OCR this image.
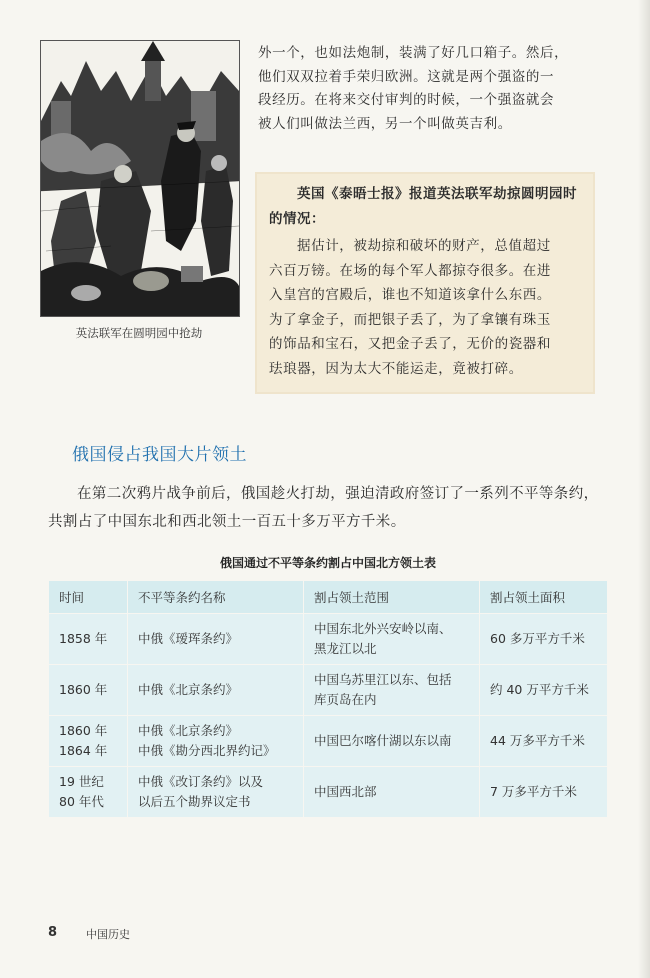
英法联军在圆明园中抢劫

外一个，也如法炮制，装满了好几口箱子。然后，

他们双双拉着手荣归欧洲。这就是两个强盗的一

段经历。在将来交付审判的时候，一个强盗就会

被人们叫做法兰西，另一个叫做英吉利。

英国《泰晤士报》报道英法联军劫掠圆明园时的情况：

据估计，被劫掠和破坏的财产，总值超过

六百万镑。在场的每个军人都掠夺很多。在进

入皇宫的宫殿后，谁也不知道该拿什么东西。

为了拿金子，而把银子丢了，为了拿镶有珠玉

的饰品和宝石，又把金子丢了，无价的瓷器和

珐琅器，因为太大不能运走，竟被打碎。

俄国侵占我国大片领土

在第二次鸦片战争前后，俄国趁火打劫，强迫清政府签订了一系列不平等条约，共割占了中国东北和西北领土一百五十多万平方千米。

俄国通过不平等条约割占中国北方领土表
时间	不平等条约名称	割占领土范围	割占领土面积

1858 年	中俄《瑷珲条约》	中国东北外兴安岭以南、
黑龙江以北	60 多万平方千米

1860 年	中俄《北京条约》	中国乌苏里江以东、包括
库页岛在内	约 40 万平方千米

1860 年
1864 年	中俄《北京条约》
中俄《勘分西北界约记》	中国巴尔喀什湖以东以南	44 万多平方千米

19 世纪
80 年代	中俄《改订条约》以及
以后五个勘界议定书	中国西北部	7 万多平方千米
8	中国历史
